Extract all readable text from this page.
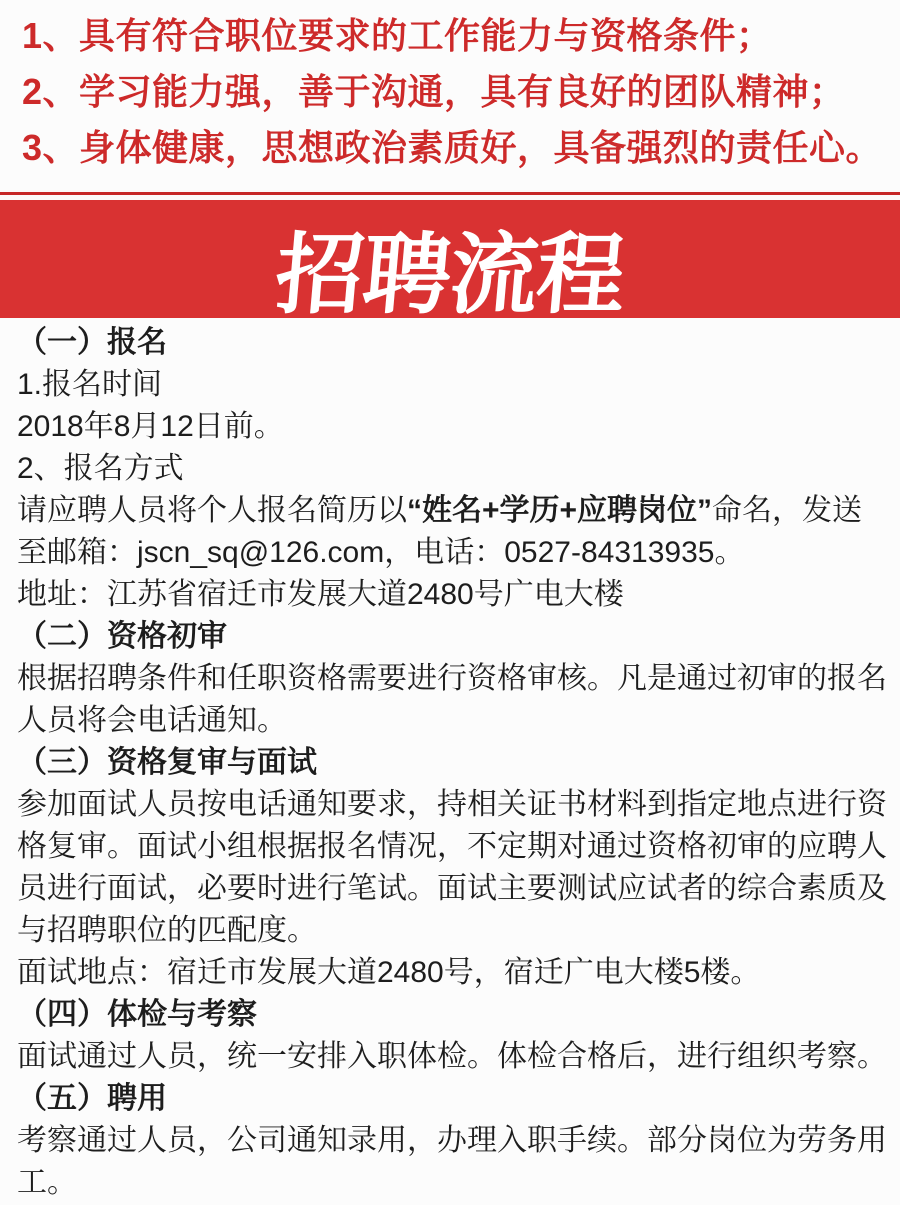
1、具有符合职位要求的工作能力与资格条件；
2、学习能力强，善于沟通，具有良好的团队精神；
3、身体健康，思想政治素质好，具备强烈的责任心。
招聘流程
（一）报名
1.报名时间
2018年8月12日前。
2、报名方式
请应聘人员将个人报名简历以“姓名+学历+应聘岗位”命名，发送
至邮箱：jscn_sq@126.com，电话：0527-84313935。
地址：江苏省宿迁市发展大道2480号广电大楼
（二）资格初审
根据招聘条件和任职资格需要进行资格审核。凡是通过初审的报名
人员将会电话通知。
（三）资格复审与面试
参加面试人员按电话通知要求，持相关证书材料到指定地点进行资
格复审。面试小组根据报名情况，不定期对通过资格初审的应聘人
员进行面试，必要时进行笔试。面试主要测试应试者的综合素质及
与招聘职位的匹配度。
面试地点：宿迁市发展大道2480号，宿迁广电大楼5楼。
（四）体检与考察
面试通过人员，统一安排入职体检。体检合格后，进行组织考察。
（五）聘用
考察通过人员，公司通知录用，办理入职手续。部分岗位为劳务用
工。
